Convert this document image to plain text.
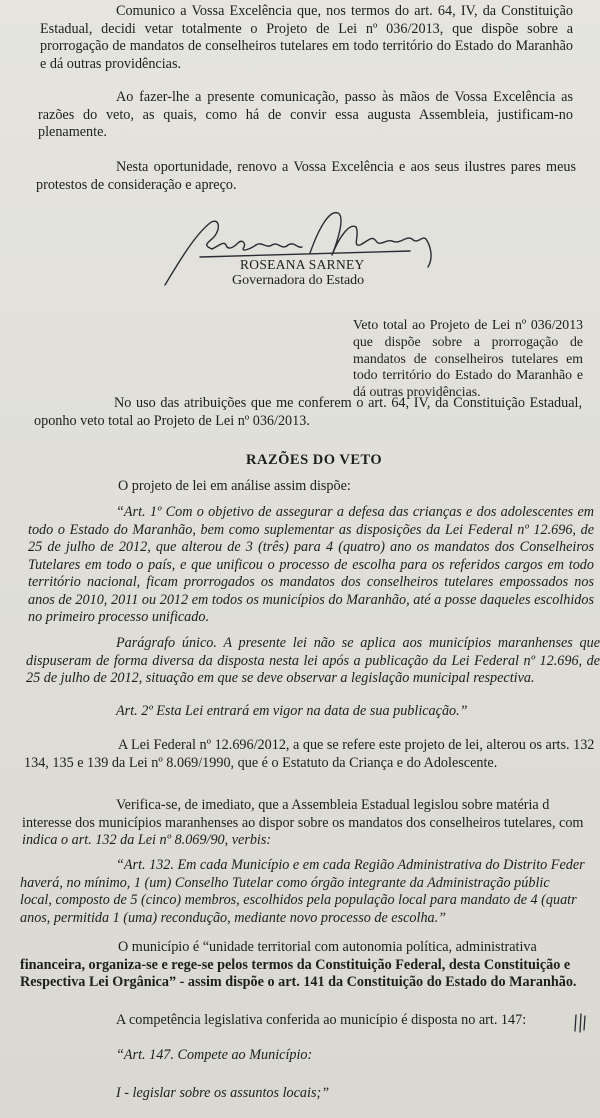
Comunico a Vossa Excelência que, nos termos do art. 64, IV, da Constituição Estadual, decidi vetar totalmente o Projeto de Lei nº 036/2013, que dispõe sobre a prorrogação de mandatos de conselheiros tutelares em todo território do Estado do Maranhão e dá outras providências.

Ao fazer-lhe a presente comunicação, passo às mãos de Vossa Excelência as razões do veto, as quais, como há de convir essa augusta Assembleia, justificam-no plenamente.

Nesta oportunidade, renovo a Vossa Excelência e aos seus ilustres pares meus protestos de consideração e apreço.

ROSEANA SARNEY
Governadora do Estado
Veto total ao Projeto de Lei nº 036/2013 que dispõe sobre a prorrogação de mandatos de conselheiros tutelares em todo território do Estado do Maranhão e dá outras providências.

No uso das atribuições que me conferem o art. 64, IV, da Constituição Estadual, oponho veto total ao Projeto de Lei nº 036/2013.

RAZÕES DO VETO

O projeto de lei em análise assim dispõe:

“Art. 1º Com o objetivo de assegurar a defesa das crianças e dos adolescentes em todo o Estado do Maranhão, bem como suplementar as disposições da Lei Federal nº 12.696, de 25 de julho de 2012, que alterou de 3 (três) para 4 (quatro) ano os mandatos dos Conselheiros Tutelares em todo o país, e que unificou o processo de escolha para os referidos cargos em todo território nacional, ficam prorrogados os mandatos dos conselheiros tutelares empossados nos anos de 2010, 2011 ou 2012 em todos os municípios do Maranhão, até a posse daqueles escolhidos no primeiro processo unificado.

Parágrafo único. A presente lei não se aplica aos municípios maranhenses que dispuseram de forma diversa da disposta nesta lei após a publicação da Lei Federal nº 12.696, de 25 de julho de 2012, situação em que se deve observar a legislação municipal respectiva.

Art. 2º Esta Lei entrará em vigor na data de sua publicação.”

A Lei Federal nº 12.696/2012, a que se refere este projeto de lei, alterou os arts. 132
134, 135 e 139 da Lei nº 8.069/1990, que é o Estatuto da Criança e do Adolescente.
Verifica-se, de imediato, que a Assembleia Estadual legislou sobre matéria d
interesse dos municípios maranhenses ao dispor sobre os mandatos dos conselheiros tutelares, com
indica o art. 132 da Lei nº 8.069/90, verbis:
“Art. 132. Em cada Município e em cada Região Administrativa do Distrito Feder
haverá, no mínimo, 1 (um) Conselho Tutelar como órgão integrante da Administração públic
local, composto de 5 (cinco) membros, escolhidos pela população local para mandato de 4 (quatr
anos, permitida 1 (uma) recondução, mediante novo processo de escolha.”
O município é “unidade territorial com autonomia política, administrativa
financeira, organiza-se e rege-se pelos termos da Constituição Federal, desta Constituição e
Respectiva Lei Orgânica” - assim dispõe o art. 141 da Constituição do Estado do Maranhão.

A competência legislativa conferida ao município é disposta no art. 147:

“Art. 147. Compete ao Município:

I - legislar sobre os assuntos locais;”
